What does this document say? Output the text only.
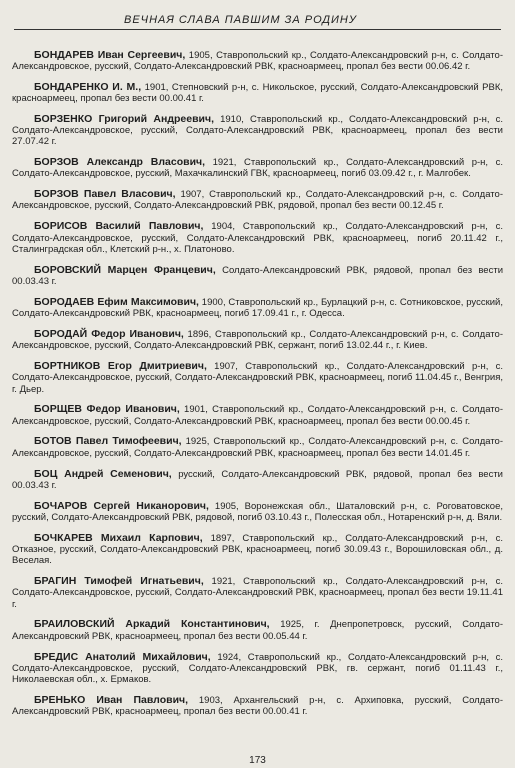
ВЕЧНАЯ СЛАВА ПАВШИМ ЗА РОДИНУ

БОНДАРЕВ Иван Сергеевич, 1905, Ставропольский кр., Солдато-Александровский р-н, с. Солдато-Александровское, русский, Солдато-Александровский РВК, красноармеец, пропал без вести 00.06.42 г.

БОНДАРЕНКО И. М., 1901, Степновский р-н, с. Никольское, русский, Солдато-Александровский РВК, красноармеец, пропал без вести 00.00.41 г.

БОРЗЕНКО Григорий Андреевич, 1910, Ставропольский кр., Солдато-Александровский р-н, с. Солдато-Александровское, русский, Солдато-Александровский РВК, красноармеец, пропал без вести 27.07.42 г.

БОРЗОВ Александр Власович, 1921, Ставропольский кр., Солдато-Александровский р-н, с. Солдато-Александровское, русский, Махачкалинский ГВК, красноармеец, погиб 03.09.42 г., г. Малгобек.

БОРЗОВ Павел Власович, 1907, Ставропольский кр., Солдато-Александровский р-н, с. Солдато-Александровское, русский, Солдато-Александровский РВК, рядовой, пропал без вести 00.12.45 г.

БОРИСОВ Василий Павлович, 1904, Ставропольский кр., Солдато-Александровский р-н, с. Солдато-Александровское, русский, Солдато-Александровский РВК, красноармеец, погиб 20.11.42 г., Сталинградская обл., Клетский р-н., х. Платоново.

БОРОВСКИЙ Марцен Францевич, Солдато-Александровский РВК, рядовой, пропал без вести 00.03.43 г.

БОРОДАЕВ Ефим Максимович, 1900, Ставропольский кр., Бурлацкий р-н, с. Сотниковское, русский, Солдато-Александровский РВК, красноармеец, погиб 17.09.41 г., г. Одесса.

БОРОДАЙ Федор Иванович, 1896, Ставропольский кр., Солдато-Александровский р-н, с. Солдато-Александровское, русский, Солдато-Александровский РВК, сержант, погиб 13.02.44 г., г. Киев.

БОРТНИКОВ Егор Дмитриевич, 1907, Ставропольский кр., Солдато-Александровский р-н, с. Солдато-Александровское, русский, Солдато-Александровский РВК, красноармеец, погиб 11.04.45 г., Венгрия, г. Дьер.

БОРЩЕВ Федор Иванович, 1901, Ставропольский кр., Солдато-Александровский р-н, с. Солдато-Александровское, русский, Солдато-Александровский РВК, красноармеец, пропал без вести 00.00.45 г.

БОТОВ Павел Тимофеевич, 1925, Ставропольский кр., Солдато-Александровский р-н, с. Солдато-Александровское, русский, Солдато-Александровский РВК, красноармеец, пропал без вести 14.01.45 г.

БОЦ Андрей Семенович, русский, Солдато-Александровский РВК, рядовой, пропал без вести 00.03.43 г.

БОЧАРОВ Сергей Никанорович, 1905, Воронежская обл., Шаталовский р-н, с. Роговатовское, русский, Солдато-Александровский РВК, рядовой, погиб 03.10.43 г., Полесская обл., Нотаренский р-н, д. Вяли.

БОЧКАРЕВ Михаил Карпович, 1897, Ставропольский кр., Солдато-Александровский р-н, с. Отказное, русский, Солдато-Александровский РВК, красноармеец, погиб 30.09.43 г., Ворошиловская обл., д. Веселая.

БРАГИН Тимофей Игнатьевич, 1921, Ставропольский кр., Солдато-Александровский р-н, с. Солдато-Александровское, русский, Солдато-Александровский РВК, красноармеец, пропал без вести 19.11.41 г.

БРАИЛОВСКИЙ Аркадий Константинович, 1925, г. Днепропетровск, русский, Солдато-Александровский РВК, красноармеец, пропал без вести 00.05.44 г.

БРЕДИС Анатолий Михайлович, 1924, Ставропольский кр., Солдато-Александровский р-н, с. Солдато-Александровское, русский, Солдато-Александровский РВК, гв. сержант, погиб 01.11.43 г., Николаевская обл., х. Ермаков.

БРЕНЬКО Иван Павлович, 1903, Архангельский р-н, с. Архиповка, русский, Солдато-Александровский РВК, красноармеец, пропал без вести 00.00.41 г.

173
